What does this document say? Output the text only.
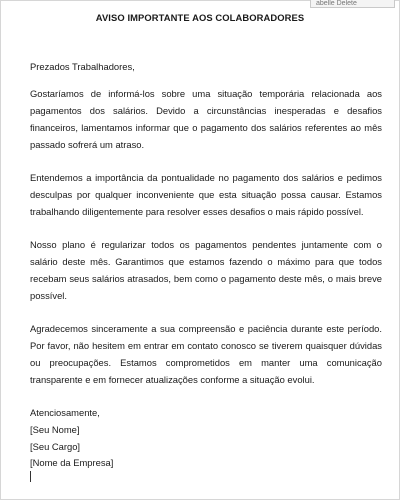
abelle Delete
AVISO IMPORTANTE AOS COLABORADORES

Prezados Trabalhadores,

Gostaríamos de informá-los sobre uma situação temporária relacionada aos pagamentos dos salários. Devido a circunstâncias inesperadas e desafios financeiros, lamentamos informar que o pagamento dos salários referentes ao mês passado sofrerá um atraso.

Entendemos a importância da pontualidade no pagamento dos salários e pedimos desculpas por qualquer inconveniente que esta situação possa causar. Estamos trabalhando diligentemente para resolver esses desafios o mais rápido possível.

Nosso plano é regularizar todos os pagamentos pendentes juntamente com o salário deste mês. Garantimos que estamos fazendo o máximo para que todos recebam seus salários atrasados, bem como o pagamento deste mês, o mais breve possível.

Agradecemos sinceramente a sua compreensão e paciência durante este período. Por favor, não hesitem em entrar em contato conosco se tiverem quaisquer dúvidas ou preocupações. Estamos comprometidos em manter uma comunicação transparente e em fornecer atualizações conforme a situação evolui.

Atenciosamente,

[Seu Nome]
[Seu Cargo]
[Nome da Empresa]
